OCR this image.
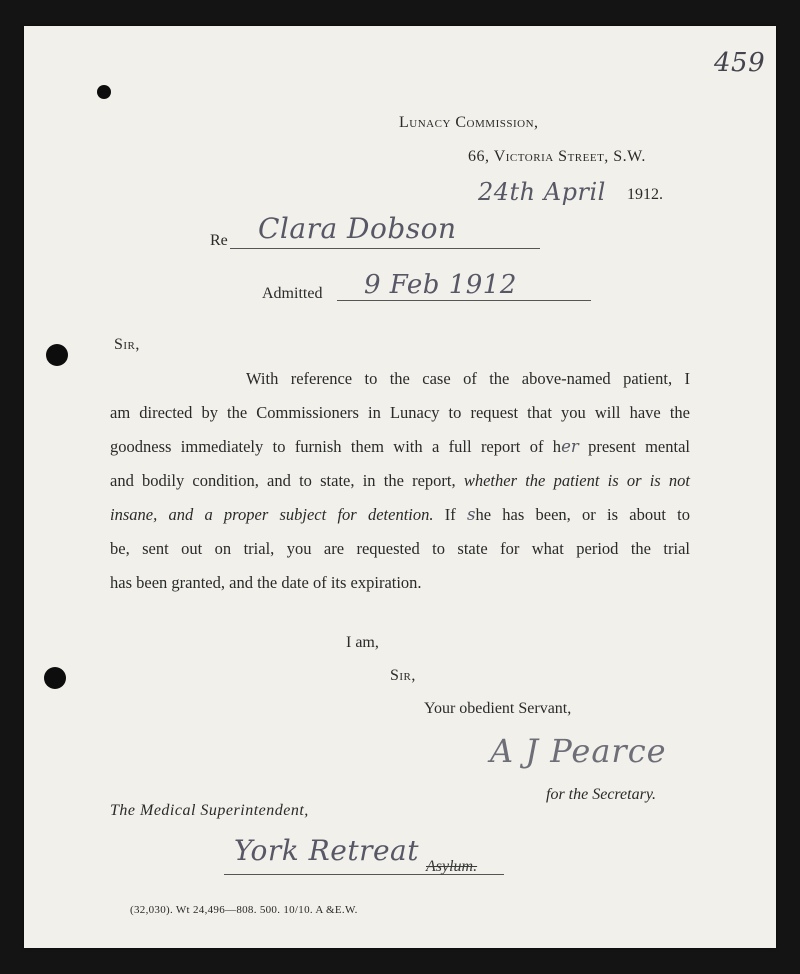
459
Lunacy Commission,
66, Victoria Street, S.W.
24th April 1912.
Re Clara Dobson
Admitted 9 Feb 1912
Sir,
With reference to the case of the above-named patient, I
am directed by the Commissioners in Lunacy to request that you will have the
goodness immediately to furnish them with a full report of her present mental
and bodily condition, and to state, in the report, whether the patient is or is not
insane, and a proper subject for detention. If she has been, or is about to
be, sent out on trial, you are requested to state for what period the trial
has been granted, and the date of its expiration.
I am,
Sir,
Your obedient Servant,
A J Pearce
for the Secretary.
The Medical Superintendent,
York Retreat Asylum.
(32,030). Wt 24,496—808. 500. 10/10. A &E.W.
